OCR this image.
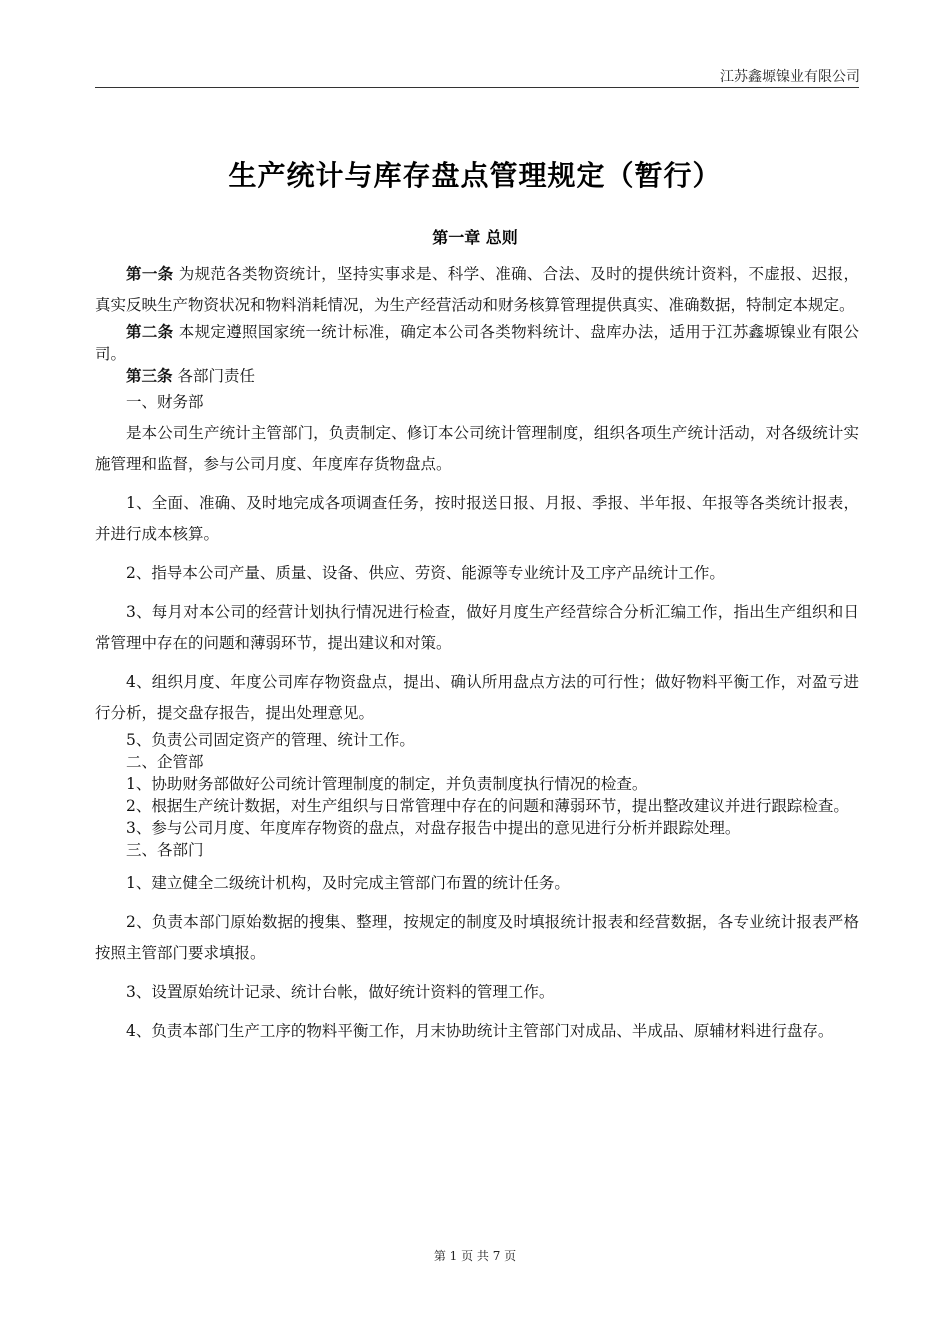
江苏鑫塬镍业有限公司
生产统计与库存盘点管理规定（暂行）
第一章 总则

第一条 为规范各类物资统计，坚持实事求是、科学、准确、合法、及时的提供统计资料，不虚报、迟报，真实反映生产物资状况和物料消耗情况，为生产经营活动和财务核算管理提供真实、准确数据，特制定本规定。

第二条 本规定遵照国家统一统计标准，确定本公司各类物料统计、盘库办法，适用于江苏鑫塬镍业有限公司。

第三条 各部门责任

一、财务部

是本公司生产统计主管部门，负责制定、修订本公司统计管理制度，组织各项生产统计活动，对各级统计实施管理和监督，参与公司月度、年度库存货物盘点。

1、全面、准确、及时地完成各项调查任务，按时报送日报、月报、季报、半年报、年报等各类统计报表，并进行成本核算。

2、指导本公司产量、质量、设备、供应、劳资、能源等专业统计及工序产品统计工作。

3、每月对本公司的经营计划执行情况进行检查，做好月度生产经营综合分析汇编工作，指出生产组织和日常管理中存在的问题和薄弱环节，提出建议和对策。

4、组织月度、年度公司库存物资盘点，提出、确认所用盘点方法的可行性；做好物料平衡工作，对盈亏进行分析，提交盘存报告，提出处理意见。

5、负责公司固定资产的管理、统计工作。

二、企管部

1、协助财务部做好公司统计管理制度的制定，并负责制度执行情况的检查。

2、根据生产统计数据，对生产组织与日常管理中存在的问题和薄弱环节，提出整改建议并进行跟踪检查。

3、参与公司月度、年度库存物资的盘点，对盘存报告中提出的意见进行分析并跟踪处理。

三、各部门

1、建立健全二级统计机构，及时完成主管部门布置的统计任务。

2、负责本部门原始数据的搜集、整理，按规定的制度及时填报统计报表和经营数据，各专业统计报表严格按照主管部门要求填报。

3、设置原始统计记录、统计台帐，做好统计资料的管理工作。

4、负责本部门生产工序的物料平衡工作，月末协助统计主管部门对成品、半成品、原辅材料进行盘存。

第 1 页 共 7 页
